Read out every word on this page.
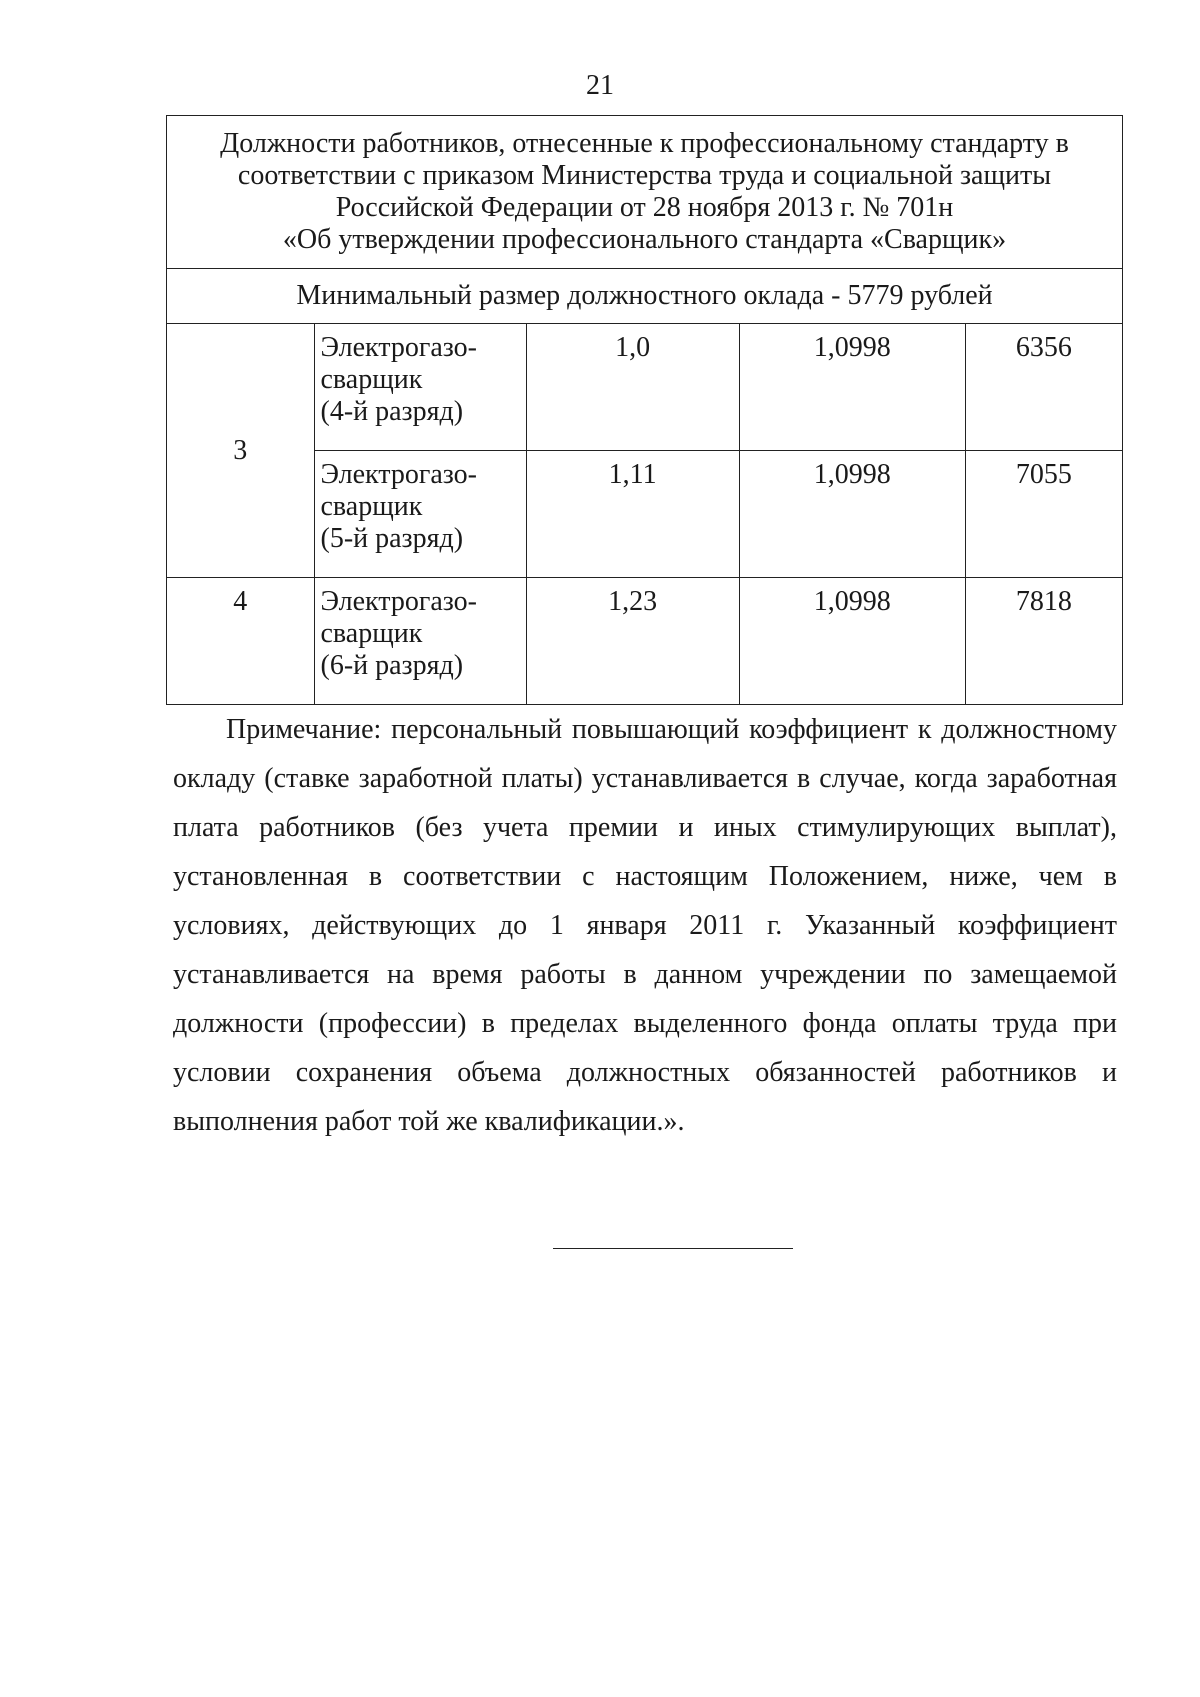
21
Должности работников, отнесенные к профессиональному стандарту в
соответствии с приказом Министерства труда и социальной защиты
Российской Федерации от 28 ноября 2013 г. № 701н
«Об утверждении профессионального стандарта «Сварщик»				

Минимальный размер должностного оклада - 5779 рублей				
3	Электрогазо-
сварщик
(4-й разряд)	1,0	1,0998	6356

	Электрогазо-
сварщик
(5-й разряд)	1,11	1,0998	7055
4	Электрогазо-
сварщик
(6-й разряд)	1,23	1,0998	7818

Примечание: персональный повышающий коэффициент к должностному окладу (ставке заработной платы) устанавливается в случае, когда заработная плата работников (без учета премии и иных стимулирующих выплат), установленная в соответствии с настоящим Положением, ниже, чем в условиях, действующих до 1 января 2011 г. Указанный коэффициент устанавливается на время работы в данном учреждении по замещаемой должности (профессии) в пределах выделенного фонда оплаты труда при условии сохранения объема должностных обязанностей работников и выполнения работ той же квалификации.».
